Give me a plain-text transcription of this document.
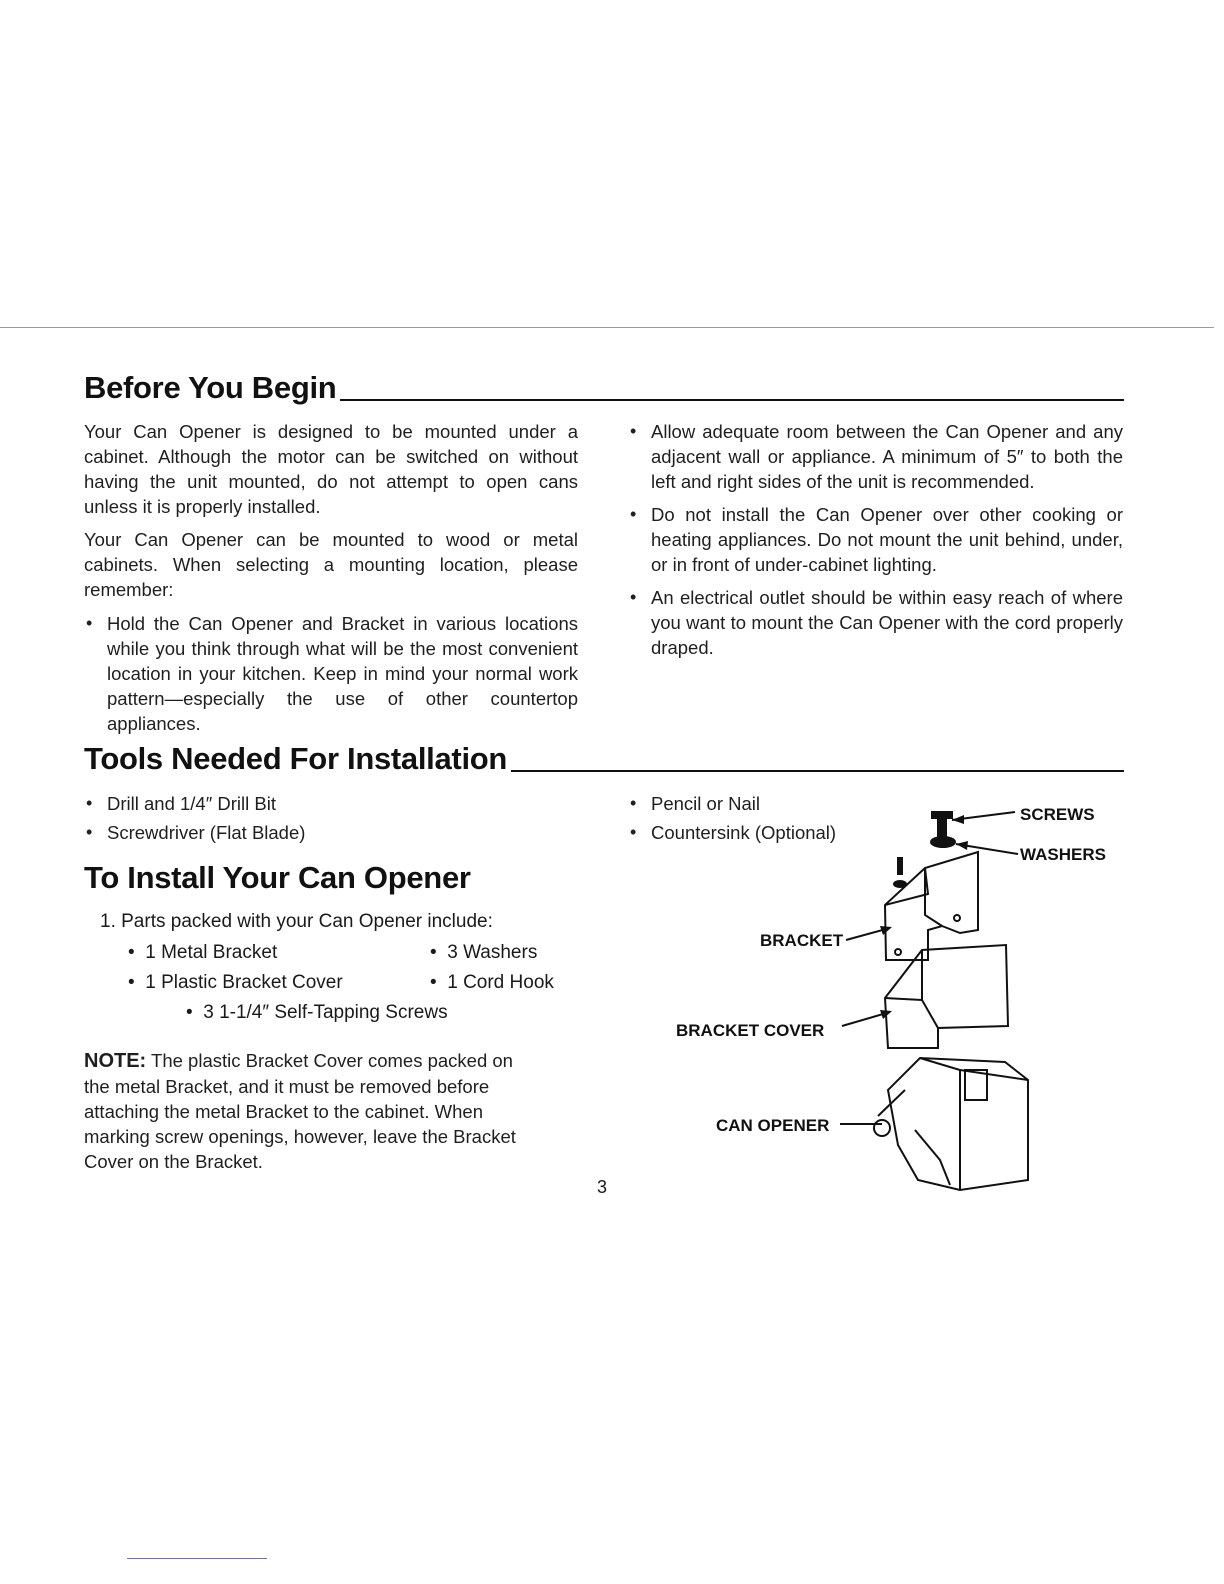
Before You Begin

Your Can Opener is designed to be mounted under a cabinet. Although the motor can be switched on without having the unit mounted, do not attempt to open cans unless it is properly installed.

Your Can Opener can be mounted to wood or metal cabinets. When selecting a mounting location, please remember:

• Hold the Can Opener and Bracket in various locations while you think through what will be the most convenient location in your kitchen. Keep in mind your normal work pattern—especially the use of other countertop appliances.
• Allow adequate room between the Can Opener and any adjacent wall or appliance. A minimum of 5″ to both the left and right sides of the unit is recommended.
• Do not install the Can Opener over other cooking or heating appliances. Do not mount the unit behind, under, or in front of under-cabinet lighting.
• An electrical outlet should be within easy reach of where you want to mount the Can Opener with the cord properly draped.
Tools Needed For Installation
• Drill and 1/4″ Drill Bit
• Screwdriver (Flat Blade)
• Pencil or Nail
• Countersink (Optional)
To Install Your Can Opener
1. Parts packed with your Can Opener include:
•  1 Metal Bracket	•  3 Washers
•  1 Plastic Bracket Cover	•  1 Cord Hook
•  3 1-1/4″ Self-Tapping Screws
NOTE: The plastic Bracket Cover comes packed on the metal Bracket, and it must be removed before attaching the metal Bracket to the cabinet. When marking screw openings, however, leave the Bracket Cover on the Bracket.
SCREWS
WASHERS
BRACKET
BRACKET COVER
CAN OPENER
3
